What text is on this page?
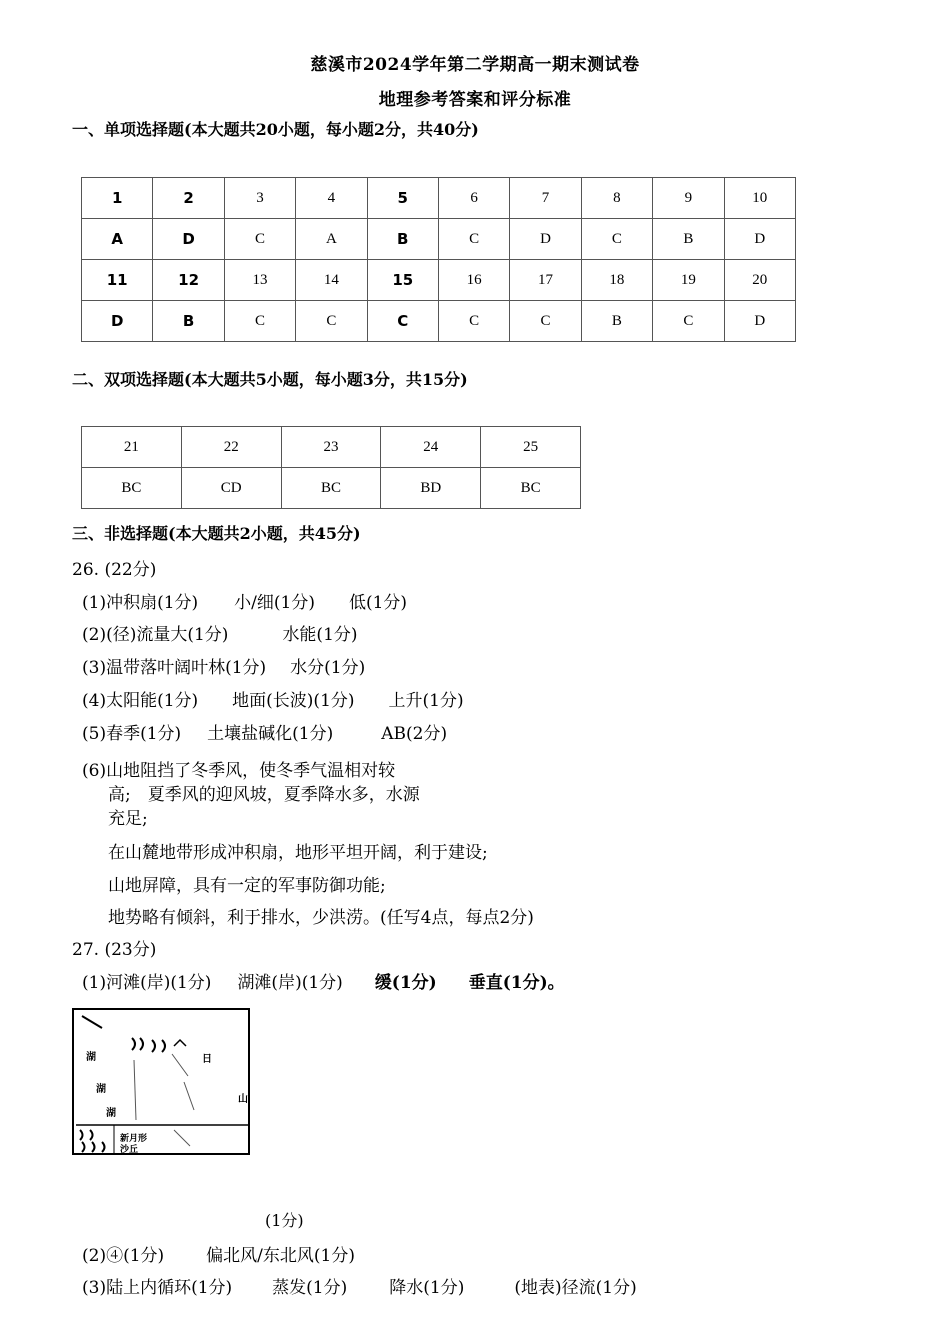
慈溪市2024学年第二学期高一期末测试卷
地理参考答案和评分标准
一、单项选择题(本大题共20小题，每小题2分，共40分)
1	2	3	4	5	6	7	8	9	10
A	D	C	A	B	C	D	C	B	D
11	12	13	14	15	16	17	18	19	20
D	B	C	C	C	C	C	B	C	D
二、双项选择题(本大题共5小题，每小题3分，共15分)
21	22	23	24	25
BC	CD	BC	BD	BC
三、非选择题(本大题共2小题，共45分)
26. (22分)
(1)冲积扇(1分) 小/细(1分) 低(1分)
(2)(径)流量大(1分)	水能(1分)
(3)温带落叶阔叶林(1分) 水分(1分)
(4)太阳能(1分) 地面(长波)(1分) 上升(1分)
(5)春季(1分) 土壤盐碱化(1分)	AB(2分)
(6)山地阻挡了冬季风，使冬季气温相对较
高;　夏季风的迎风坡，夏季降水多，水源
充足;
在山麓地带形成冲积扇，地形平坦开阔，利于建设;
山地屏障，具有一定的军事防御功能;
地势略有倾斜，利于排水，少洪涝。(任写4点，每点2分)
27. (23分)
(1)河滩(岸)(1分) 湖滩(岸)(1分) 缓(1分) 垂直(1分)。
湖
湖
湖
日
山
新月形
沙丘
(1分)
(2)④(1分) 偏北风/东北风(1分)
(3)陆上内循环(1分) 蒸发(1分) 降水(1分)	(地表)径流(1分)
